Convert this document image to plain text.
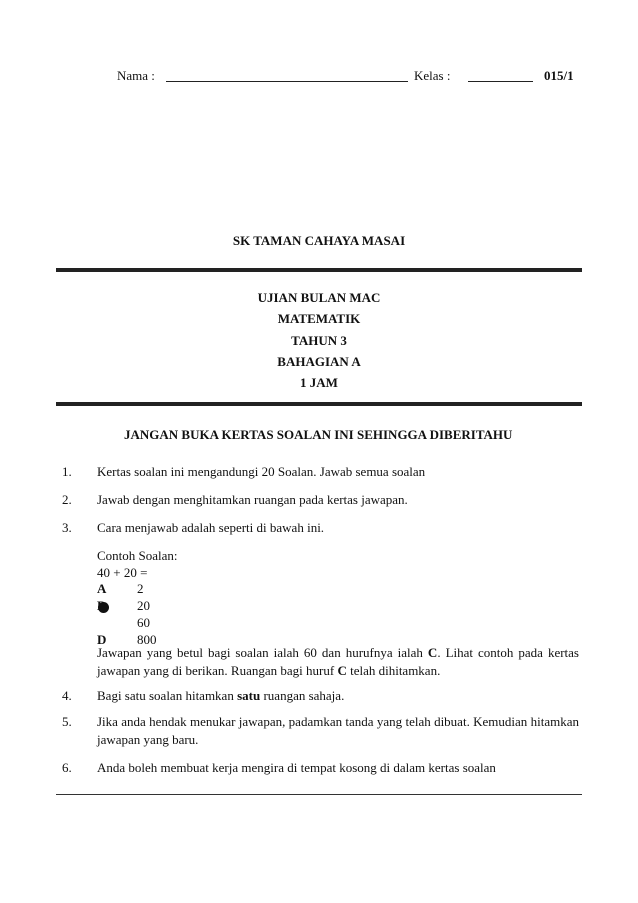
Nama :	Kelas :	015/1
SK TAMAN CAHAYA MASAI
UJIAN BULAN MAC
MATEMATIK
TAHUN 3
BAHAGIAN A
1 JAM
JANGAN BUKA KERTAS SOALAN INI SEHINGGA DIBERITAHU
1. Kertas soalan ini mengandungi 20 Soalan. Jawab semua soalan
2. Jawab dengan menghitamkan ruangan pada kertas jawapan.
3. Cara menjawab adalah seperti di bawah ini.
Contoh Soalan:
40 + 20 =
A 2
20
60
D 800
Jawapan yang betul bagi soalan ialah 60 dan hurufnya ialah C. Lihat contoh pada kertas jawapan yang di berikan. Ruangan bagi huruf C telah dihitamkan.
4. Bagi satu soalan hitamkan satu ruangan sahaja.
5. Jika anda hendak menukar jawapan, padamkan tanda yang telah dibuat. Kemudian hitamkan jawapan yang baru.
6. Anda boleh membuat kerja mengira di tempat kosong di dalam kertas soalan
